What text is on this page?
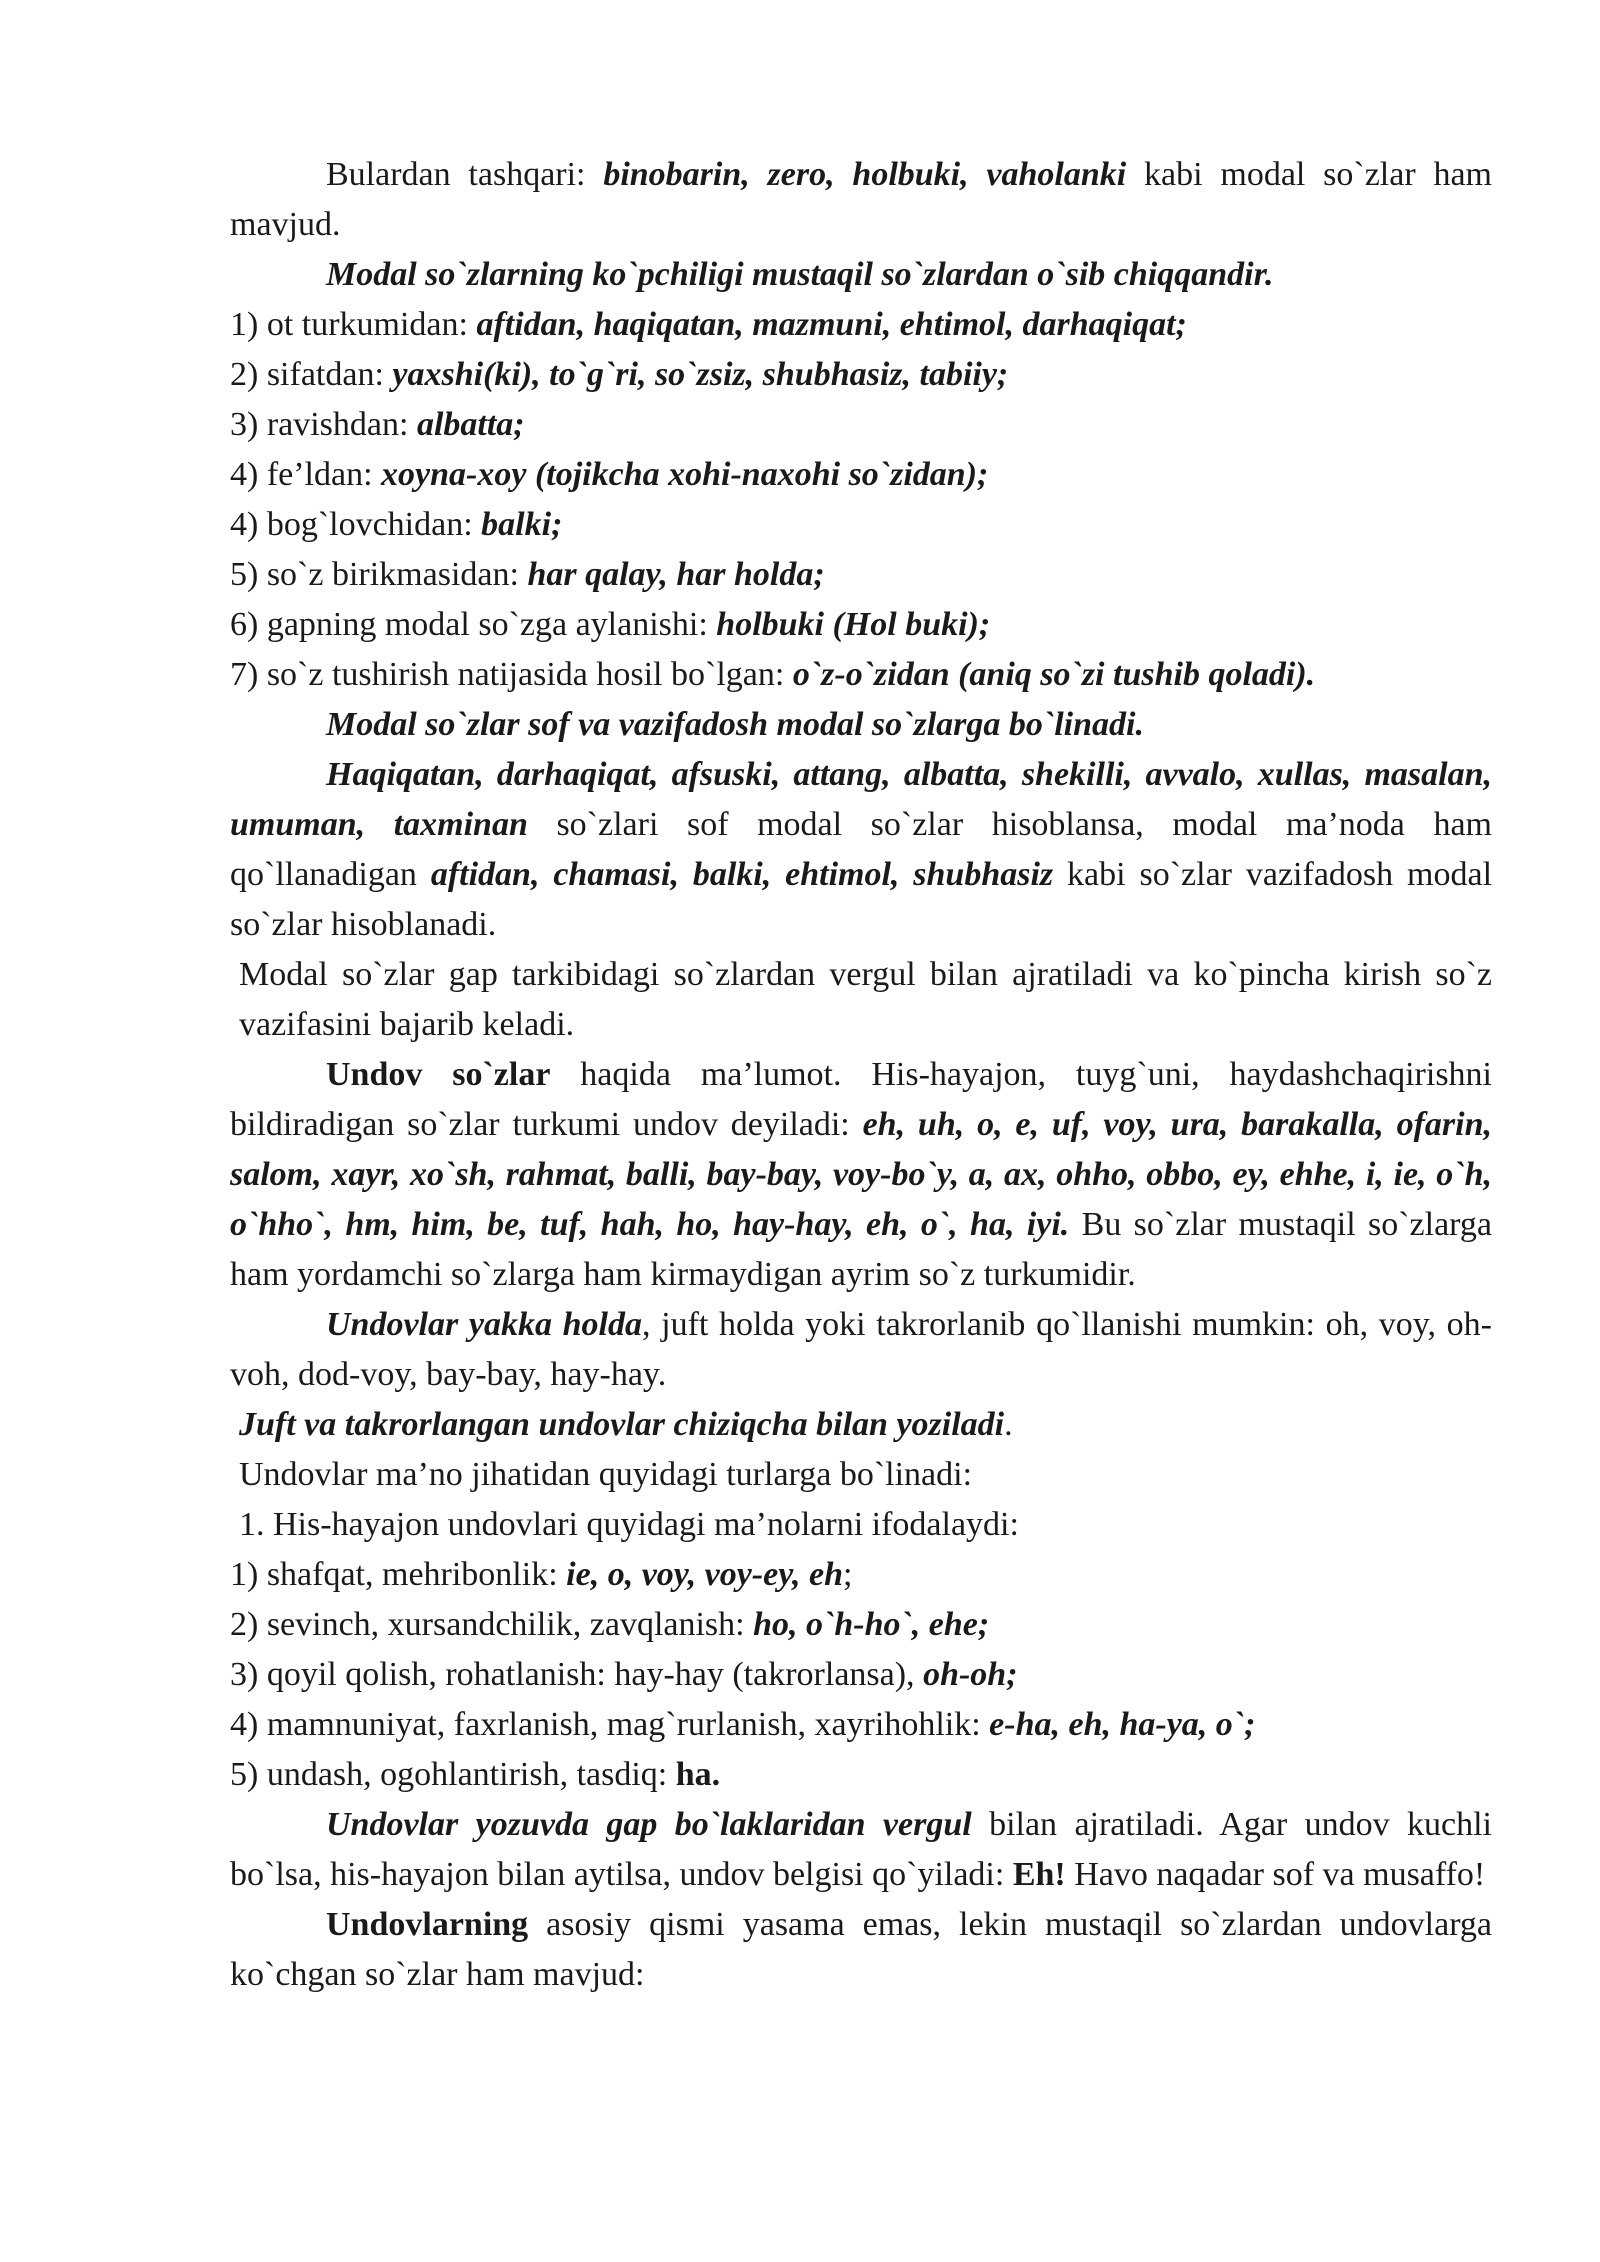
Bulardan tashqari: binobarin, zero, holbuki, vaholanki kabi modal so`zlar ham mavjud.

Modal so`zlarning ko`pchiligi mustaqil so`zlardan o`sib chiqqandir.

1) ot turkumidan: aftidan, haqiqatan, mazmuni, ehtimol, darhaqiqat;

2) sifatdan: yaxshi(ki), to`g`ri, so`zsiz, shubhasiz, tabiiy;

3) ravishdan: albatta;

4) fe’ldan: xoyna-xoy (tojikcha xohi-naxohi so`zidan);

4) bog`lovchidan: balki;

5) so`z birikmasidan: har qalay, har holda;

6) gapning modal so`zga aylanishi: holbuki (Hol buki);

7) so`z tushirish natijasida hosil bo`lgan: o`z-o`zidan (aniq so`zi tushib qoladi).

Modal so`zlar sof va vazifadosh modal so`zlarga bo`linadi.

Haqiqatan, darhaqiqat, afsuski, attang, albatta, shekilli, avvalo, xullas, masalan, umuman, taxminan so`zlari sof modal so`zlar hisoblansa, modal ma’noda ham qo`llanadigan aftidan, chamasi, balki, ehtimol, shubhasiz kabi so`zlar vazifadosh modal so`zlar hisoblanadi.

Modal so`zlar gap tarkibidagi so`zlardan vergul bilan ajratiladi va ko`pincha kirish so`z vazifasini bajarib keladi.

Undov so`zlar haqida ma’lumot. His-hayajon, tuyg`uni, haydashchaqirishni bildiradigan so`zlar turkumi undov deyiladi: eh, uh, o, e, uf, voy, ura, barakalla, ofarin, salom, xayr, xo`sh, rahmat, balli, bay-bay, voy-bo`y, a, ax, ohho, obbo, ey, ehhe, i, ie, o`h, o`hho`, hm, him, be, tuf, hah, ho, hay-hay, eh, o`, ha, iyi. Bu so`zlar mustaqil so`zlarga ham yordamchi so`zlarga ham kirmaydigan ayrim so`z turkumidir.

Undovlar yakka holda, juft holda yoki takrorlanib qo`llanishi mumkin: oh, voy, oh-voh, dod-voy, bay-bay, hay-hay.

Juft va takrorlangan undovlar chiziqcha bilan yoziladi.

Undovlar ma’no jihatidan quyidagi turlarga bo`linadi:

1. His-hayajon undovlari quyidagi ma’nolarni ifodalaydi:

1) shafqat, mehribonlik: ie, o, voy, voy-ey, eh;

2) sevinch, xursandchilik, zavqlanish: ho, o`h-ho`, ehe;

3) qoyil qolish, rohatlanish: hay-hay (takrorlansa), oh-oh;

4) mamnuniyat, faxrlanish, mag`rurlanish, xayrihohlik: e-ha, eh, ha-ya, o`;

5) undash, ogohlantirish, tasdiq: ha.

Undovlar yozuvda gap bo`laklaridan vergul bilan ajratiladi. Agar undov kuchli bo`lsa, his-hayajon bilan aytilsa, undov belgisi qo`yiladi: Eh! Havo naqadar sof va musaffo!

Undovlarning asosiy qismi yasama emas, lekin mustaqil so`zlardan undovlarga ko`chgan so`zlar ham mavjud:
